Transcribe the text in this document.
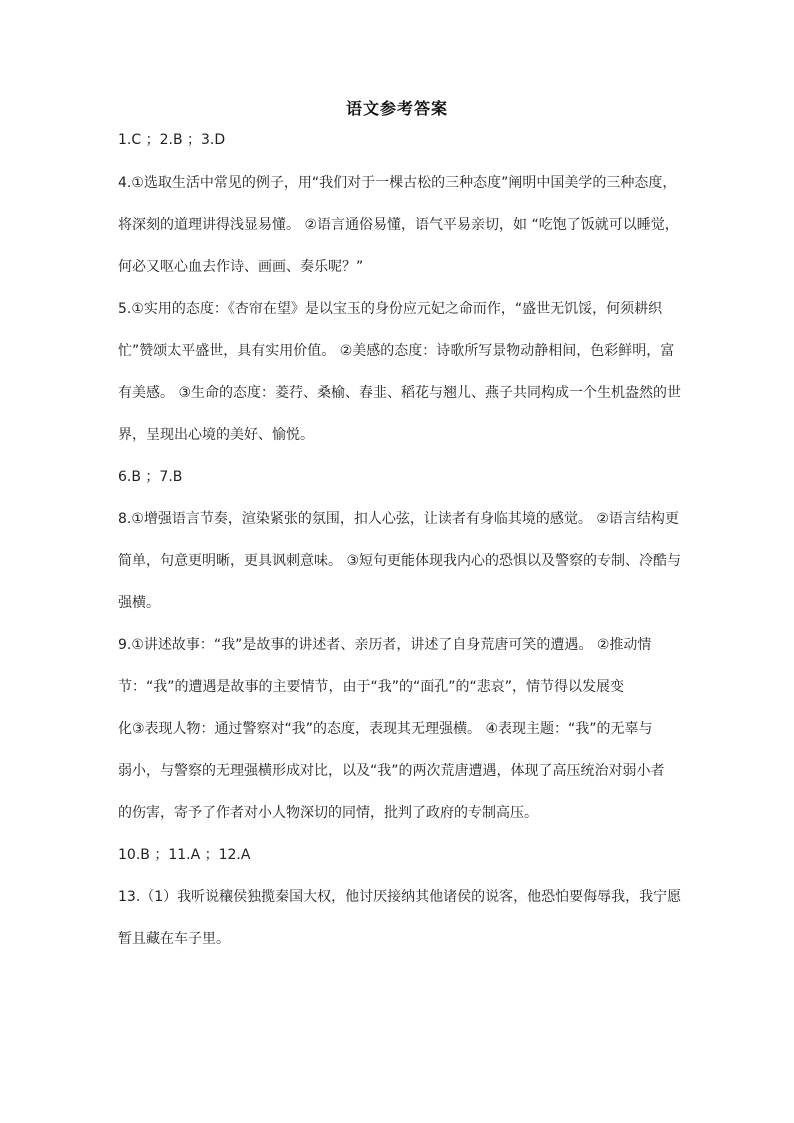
语文参考答案
1.C ；2.B ；3.D
4.①选取生活中常见的例子，用“我们对于一棵古松的三种态度”阐明中国美学的三种态度，
将深刻的道理讲得浅显易懂。 ②语言通俗易懂，语气平易亲切，如 “吃饱了饭就可以睡觉，
何必又呕心血去作诗、画画、奏乐呢？”
5.①实用的态度：《杏帘在望》是以宝玉的身份应元妃之命而作，“盛世无饥馁，何须耕织
忙”赞颂太平盛世，具有实用价值。 ②美感的态度：诗歌所写景物动静相间，色彩鲜明，富
有美感。 ③生命的态度：菱荇、桑榆、春韭、稻花与翘儿、燕子共同构成一个生机盎然的世
界，呈现出心境的美好、愉悦。
6.B ；7.B
8.①增强语言节奏，渲染紧张的氛围，扣人心弦，让读者有身临其境的感觉。 ②语言结构更
简单，句意更明晰，更具讽刺意味。 ③短句更能体现我内心的恐惧以及警察的专制、冷酷与
强横。
9.①讲述故事：“我”是故事的讲述者、亲历者，讲述了自身荒唐可笑的遭遇。 ②推动情
节：“我”的遭遇是故事的主要情节，由于“我”的“面孔”的“悲哀”，情节得以发展变
化③表现人物：通过警察对“我”的态度，表现其无理强横。 ④表现主题：“我”的无辜与
弱小，与警察的无理强横形成对比，以及“我”的两次荒唐遭遇，体现了高压统治对弱小者
的伤害，寄予了作者对小人物深切的同情，批判了政府的专制高压。
10.B ；11.A ；12.A
13.（1）我听说穰侯独揽秦国大权，他讨厌接纳其他诸侯的说客，他恐怕要侮辱我，我宁愿
暂且藏在车子里。
